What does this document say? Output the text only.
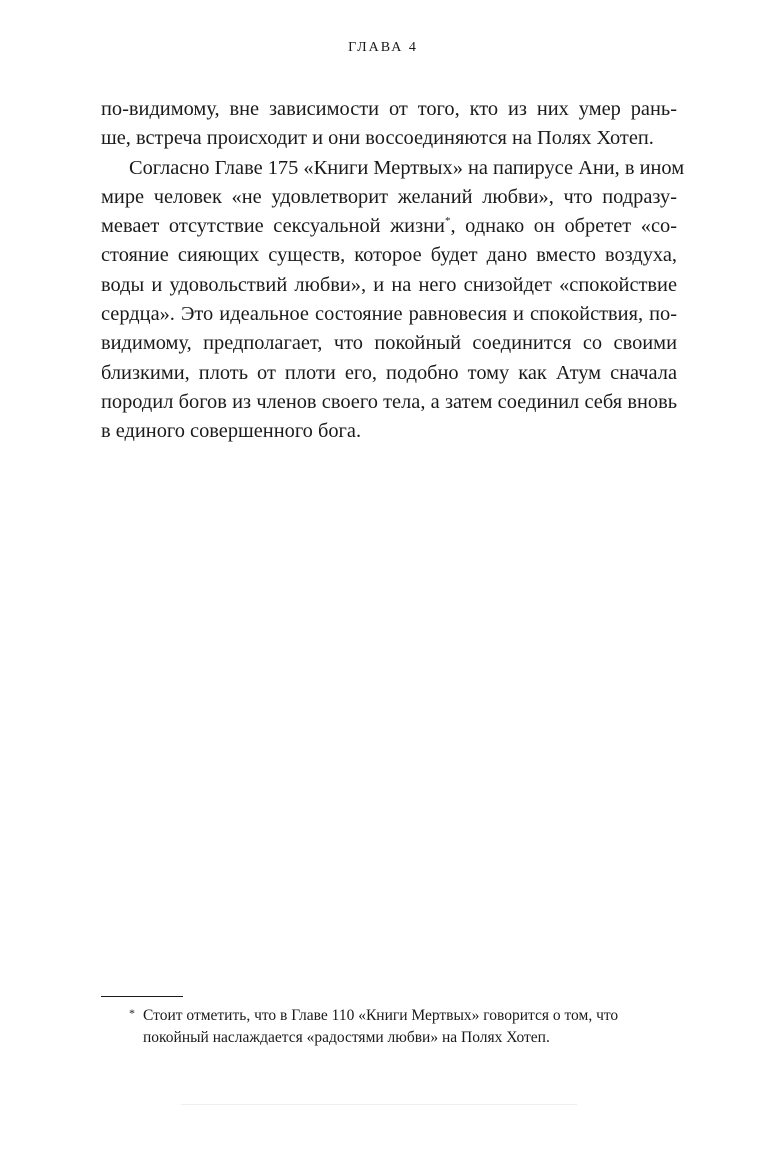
ГЛАВА 4
по-видимому, вне зависимости от того, кто из них умер рань-
ше, встреча происходит и они воссоединяются на Полях Хотеп.
Согласно Главе 175 «Книги Мертвых» на папирусе Ани, в ином
мире человек «не удовлетворит желаний любви», что подразу-
мевает отсутствие сексуальной жизни*, однако он обретет «со-
стояние сияющих существ, которое будет дано вместо воздуха,
воды и удовольствий любви», и на него снизойдет «спокойствие
сердца». Это идеальное состояние равновесия и спокойствия, по-
видимому, предполагает, что покойный соединится со своими
близкими, плоть от плоти его, подобно тому как Атум сначала
породил богов из членов своего тела, а затем соединил себя вновь
в единого совершенного бога.
* Стоит отметить, что в Главе 110 «Книги Мертвых» говорится о том, что
покойный наслаждается «радостями любви» на Полях Хотеп.
